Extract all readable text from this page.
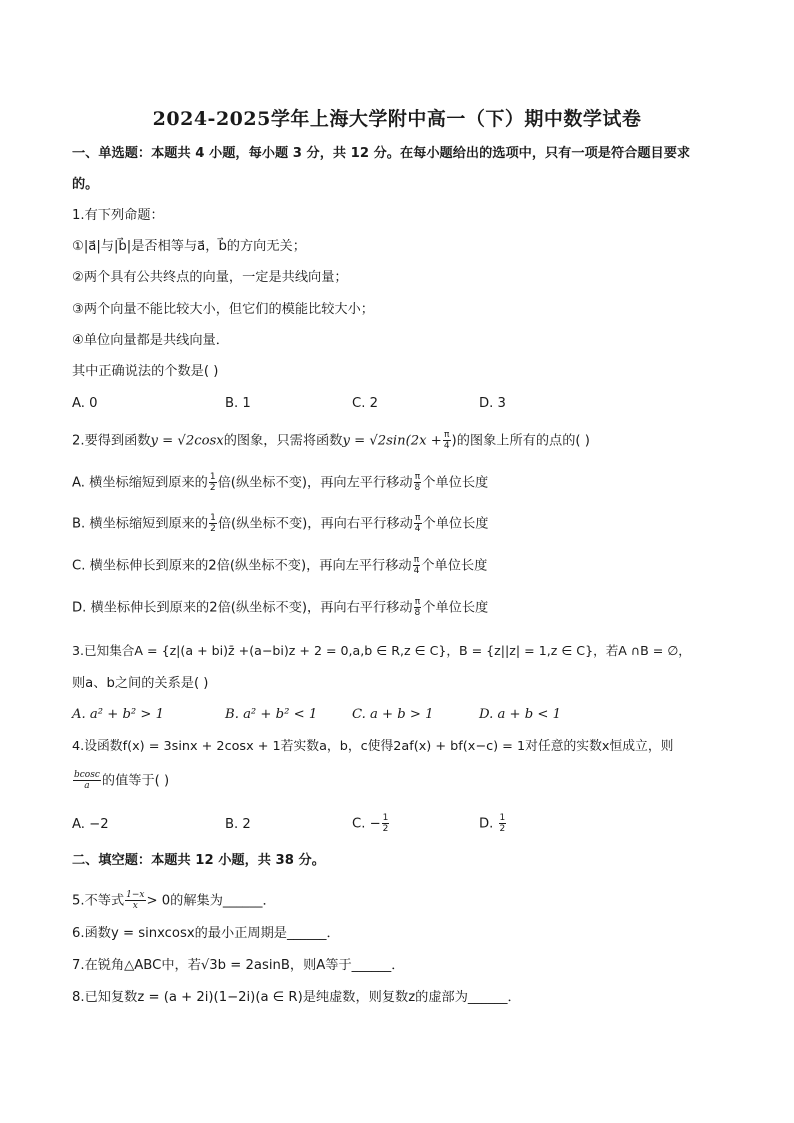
2024-2025学年上海大学附中高一（下）期中数学试卷
一、单选题：本题共 4 小题，每小题 3 分，共 12 分。在每小题给出的选项中，只有一项是符合题目要求
的。
1.有下列命题：
①|a⃗|与|b⃗|是否相等与a⃗，b⃗的方向无关；
②两个具有公共终点的向量，一定是共线向量；
③两个向量不能比较大小，但它们的模能比较大小；
④单位向量都是共线向量．
其中正确说法的个数是( )
A. 0	B. 1	C. 2	D. 3
2.要得到函数y = √2cosx的图象，只需将函数$y = √2\sin(2x + \frac{\pi}{4}$ )的图象上所有的点的( )
A. 横坐标缩短到原来的 $\frac{1}{2}$ 倍(纵坐标不变)，再向左平行移动 $\frac{\pi}{8}$ 个单位长度
B. 横坐标缩短到原来的 $\frac{1}{2}$ 倍(纵坐标不变)，再向右平行移动 $\frac{\pi}{4}$ 个单位长度
C. 横坐标伸长到原来的2倍(纵坐标不变)，再向左平行移动 $\frac{\pi}{4}$ 个单位长度
D. 横坐标伸长到原来的2倍(纵坐标不变)，再向右平行移动 $\frac{\pi}{8}$ 个单位长度
3.已知集合A = {z|(a + bi)z̄ +(a−bi)z + 2 = 0,a,b ∈ R,z ∈ C}，B = {z||z| = 1,z ∈ C}，若A ∩B = ∅，
则a、b之间的关系是( )
A. a² + b² > 1	B. a² + b² < 1	C. a + b > 1	D. a + b < 1
4.设函数f(x) = 3sinx + 2cosx + 1若实数a，b，c使得2af(x) + bf(x−c) = 1对任意的实数x恒成立，则
$\frac{bcosc}{a}$ 的值等于( )
A. −2	B. 2	C. − $\frac{1}{2}$	D. $\frac{1}{2}$
二、填空题：本题共 12 小题，共 38 分。
5.不等式 $\frac{1-x}{x} > 0$的解集为______．
6.函数y = sinxcosx的最小正周期是______．
7.在锐角△ABC中，若√3b = 2asinB，则A等于______．
8.已知复数z = (a + 2i)(1−2i)(a ∈ R)是纯虚数，则复数z的虚部为______．
